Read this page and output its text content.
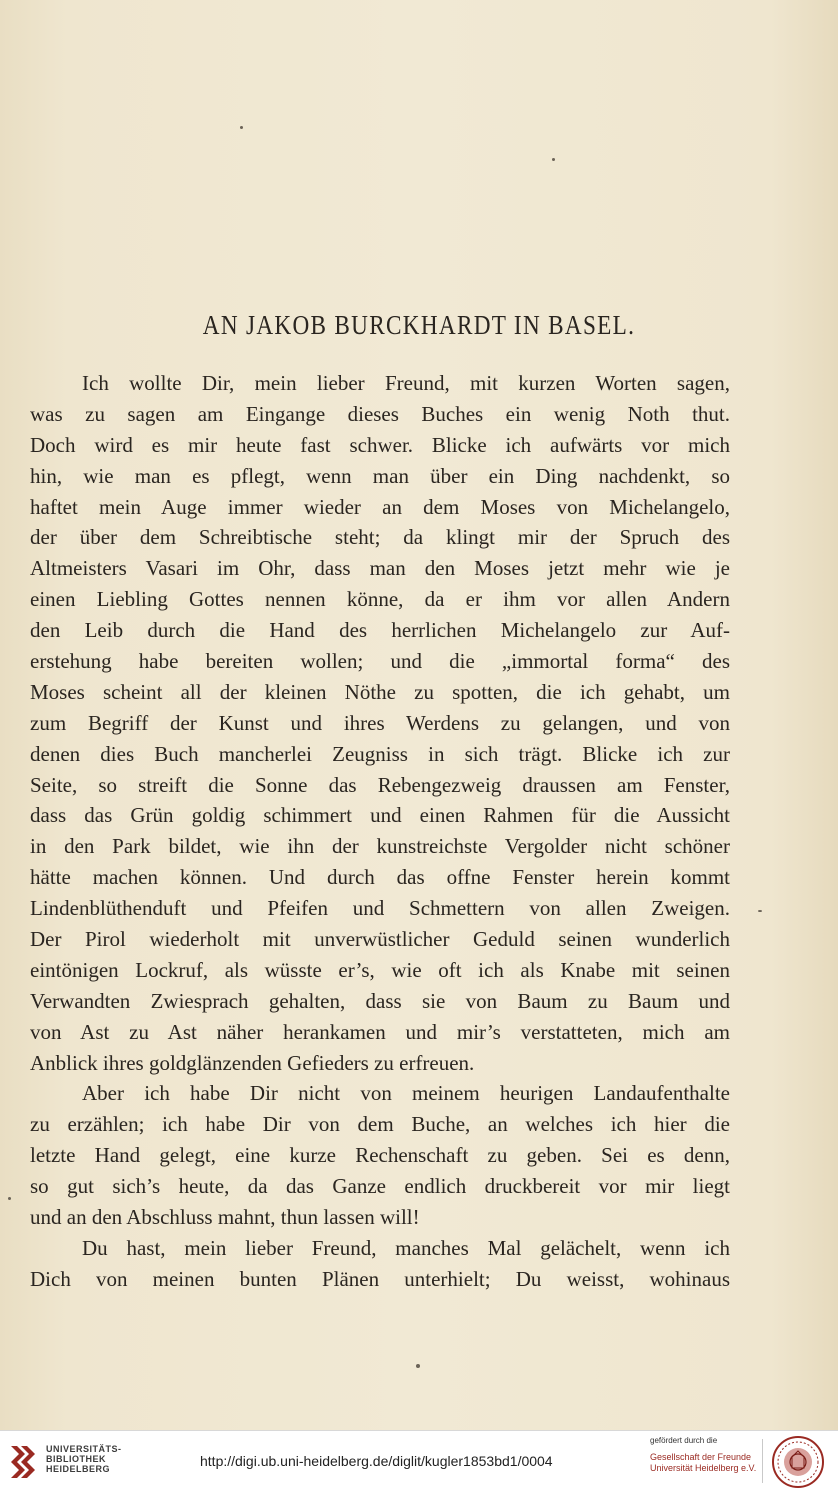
AN JAKOB BURCKHARDT IN BASEL.
Ich wollte Dir, mein lieber Freund, mit kurzen Worten sagen,
was zu sagen am Eingange dieses Buches ein wenig Noth thut.
Doch wird es mir heute fast schwer. Blicke ich aufwärts vor mich
hin, wie man es pflegt, wenn man über ein Ding nachdenkt, so
haftet mein Auge immer wieder an dem Moses von Michelangelo,
der über dem Schreibtische steht; da klingt mir der Spruch des
Altmeisters Vasari im Ohr, dass man den Moses jetzt mehr wie je
einen Liebling Gottes nennen könne, da er ihm vor allen Andern
den Leib durch die Hand des herrlichen Michelangelo zur Auf-
erstehung habe bereiten wollen; und die „immortal forma“ des
Moses scheint all der kleinen Nöthe zu spotten, die ich gehabt, um
zum Begriff der Kunst und ihres Werdens zu gelangen, und von
denen dies Buch mancherlei Zeugniss in sich trägt. Blicke ich zur
Seite, so streift die Sonne das Rebengezweig draussen am Fenster,
dass das Grün goldig schimmert und einen Rahmen für die Aussicht
in den Park bildet, wie ihn der kunstreichste Vergolder nicht schöner
hätte machen können. Und durch das offne Fenster herein kommt
Lindenblüthenduft und Pfeifen und Schmettern von allen Zweigen.
Der Pirol wiederholt mit unverwüstlicher Geduld seinen wunderlich
eintönigen Lockruf, als wüsste er’s, wie oft ich als Knabe mit seinen
Verwandten Zwiesprach gehalten, dass sie von Baum zu Baum und
von Ast zu Ast näher herankamen und mir’s verstatteten, mich am
Anblick ihres goldglänzenden Gefieders zu erfreuen.
Aber ich habe Dir nicht von meinem heurigen Landaufenthalte
zu erzählen; ich habe Dir von dem Buche, an welches ich hier die
letzte Hand gelegt, eine kurze Rechenschaft zu geben. Sei es denn,
so gut sich’s heute, da das Ganze endlich druckbereit vor mir liegt
und an den Abschluss mahnt, thun lassen will!
Du hast, mein lieber Freund, manches Mal gelächelt, wenn ich
Dich von meinen bunten Plänen unterhielt; Du weisst, wohinaus
UNIVERSITÄTS-
BIBLIOTHEK
HEIDELBERG	http://digi.ub.uni-heidelberg.de/diglit/kugler1853bd1/0004
gefördert durch die
Gesellschaft der Freunde
Universität Heidelberg e.V.
